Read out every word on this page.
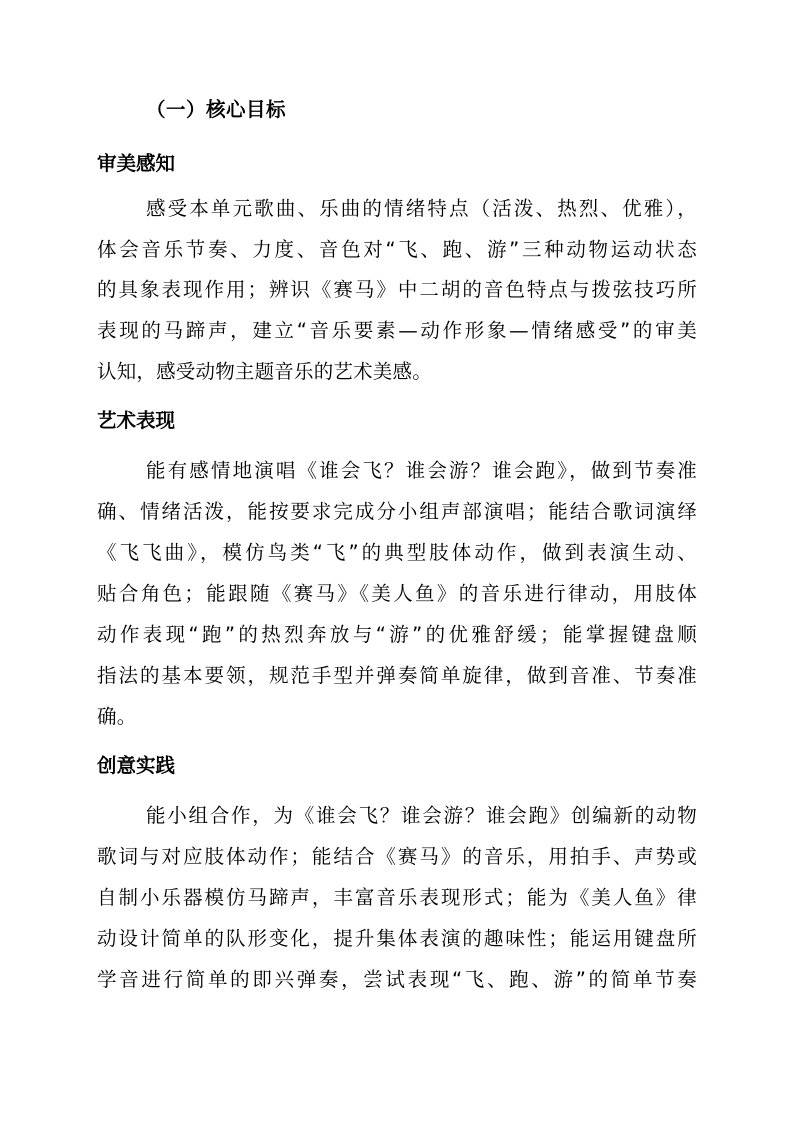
（一）核心目标
审美感知
感受本单元歌曲、乐曲的情绪特点（活泼、热烈、优雅），
体会音乐节奏、力度、音色对“飞、跑、游”三种动物运动状态
的具象表现作用；辨识《赛马》中二胡的音色特点与拨弦技巧所
表现的马蹄声，建立“音乐要素—动作形象—情绪感受”的审美
认知，感受动物主题音乐的艺术美感。
艺术表现
能有感情地演唱《谁会飞？谁会游？谁会跑》，做到节奏准
确、情绪活泼，能按要求完成分小组声部演唱；能结合歌词演绎
《飞飞曲》，模仿鸟类“飞”的典型肢体动作，做到表演生动、
贴合角色；能跟随《赛马》《美人鱼》的音乐进行律动，用肢体
动作表现“跑”的热烈奔放与“游”的优雅舒缓；能掌握键盘顺
指法的基本要领，规范手型并弹奏简单旋律，做到音准、节奏准
确。
创意实践
能小组合作，为《谁会飞？谁会游？谁会跑》创编新的动物
歌词与对应肢体动作；能结合《赛马》的音乐，用拍手、声势或
自制小乐器模仿马蹄声，丰富音乐表现形式；能为《美人鱼》律
动设计简单的队形变化，提升集体表演的趣味性；能运用键盘所
学音进行简单的即兴弹奏，尝试表现“飞、跑、游”的简单节奏
